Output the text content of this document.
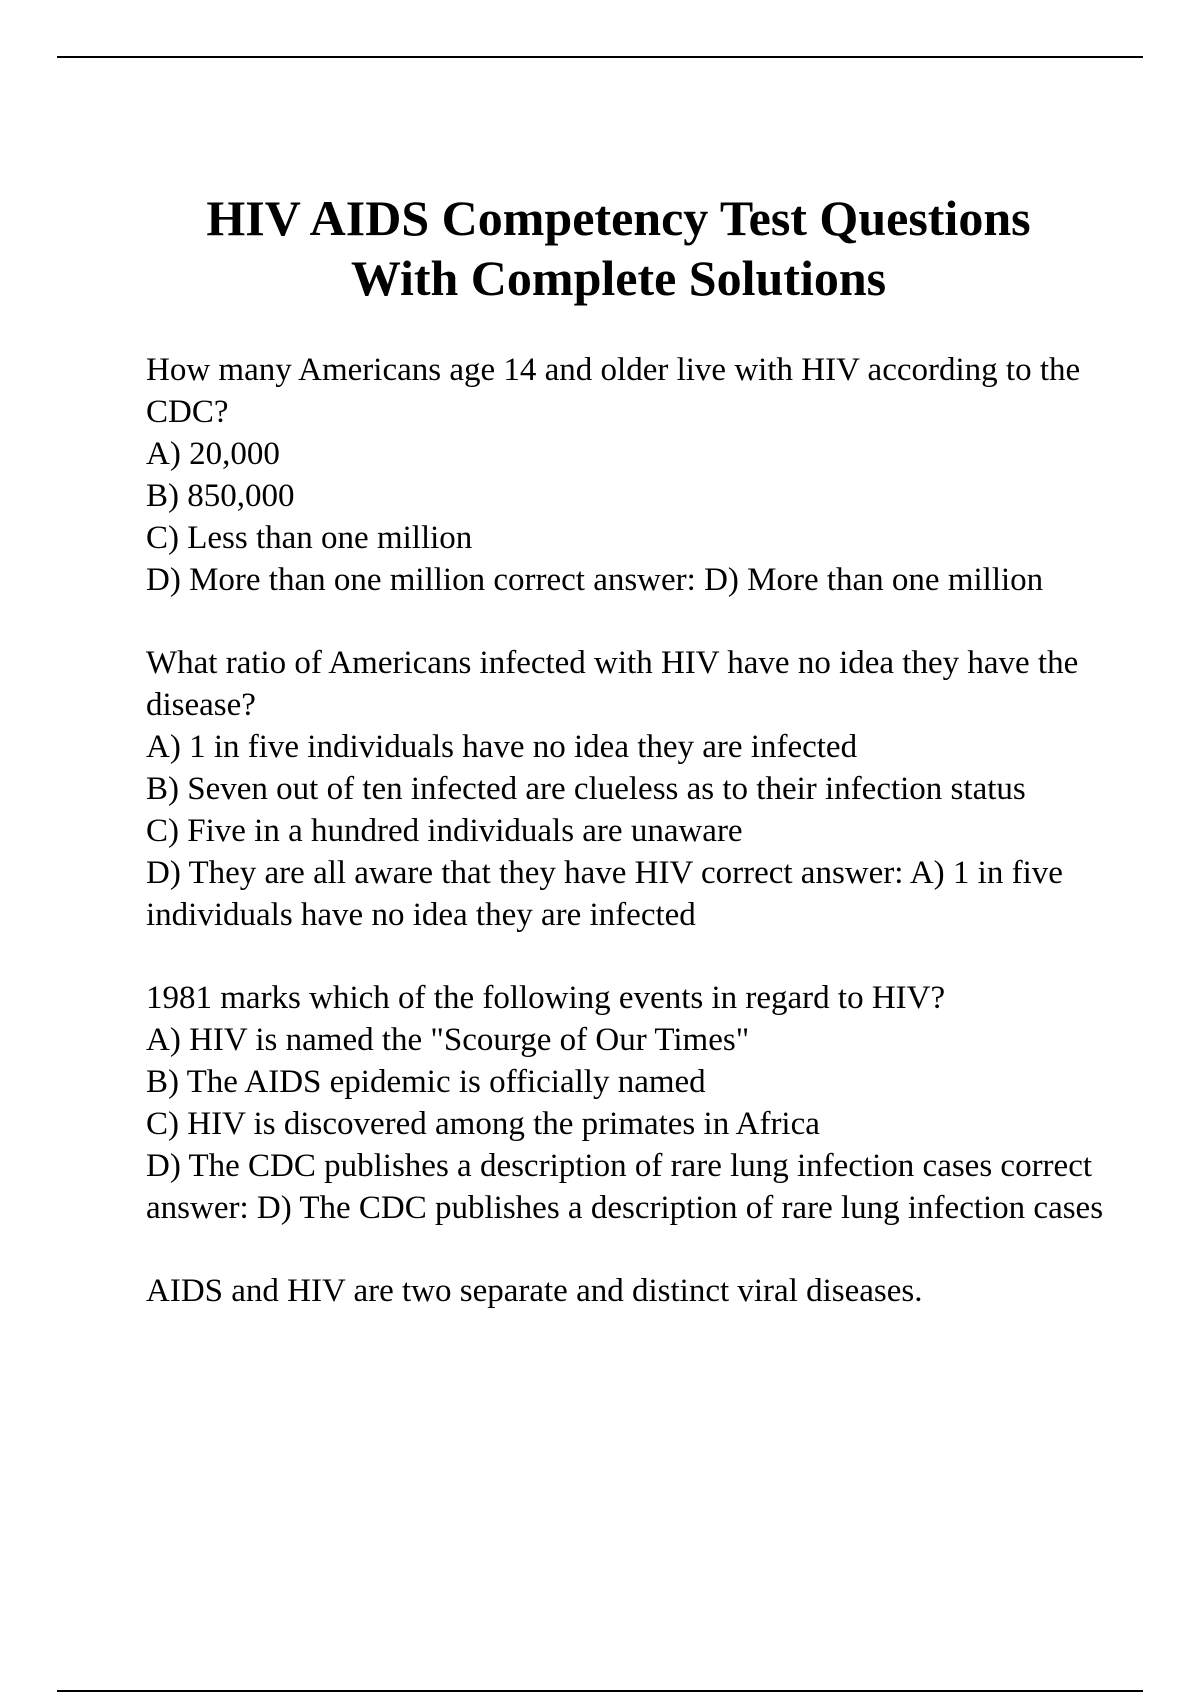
HIV AIDS Competency Test Questions
With Complete Solutions

How many Americans age 14 and older live with HIV according to the CDC?

A) 20,000

B) 850,000

C) Less than one million

D) More than one million correct answer: D) More than one million

What ratio of Americans infected with HIV have no idea they have the disease?

A) 1 in five individuals have no idea they are infected

B) Seven out of ten infected are clueless as to their infection status

C) Five in a hundred individuals are unaware

D) They are all aware that they have HIV correct answer: A) 1 in five individuals have no idea they are infected

1981 marks which of the following events in regard to HIV?

A) HIV is named the "Scourge of Our Times"

B) The AIDS epidemic is officially named

C) HIV is discovered among the primates in Africa

D) The CDC publishes a description of rare lung infection cases correct answer: D) The CDC publishes a description of rare lung infection cases

AIDS and HIV are two separate and distinct viral diseases.
